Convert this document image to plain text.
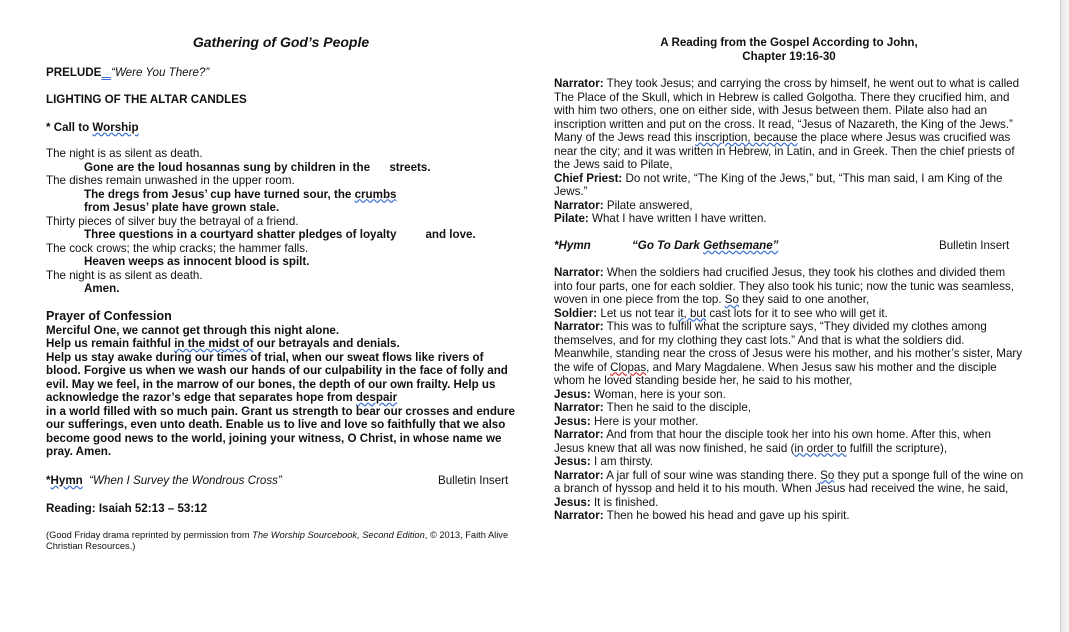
Gathering of God’s People
PRELUDE “Were You There?”
LIGHTING OF THE ALTAR CANDLES
* Call to Worship
The night is as silent as death.
Gone are the loud hosannas sung by children in the      streets.
The dishes remain unwashed in the upper room.
The dregs from Jesus’ cup have turned sour, the crumbs
from Jesus’ plate have grown stale.
Thirty pieces of silver buy the betrayal of a friend.
Three questions in a courtyard shatter pledges of loyalty         and love.
The cock crows; the whip cracks; the hammer falls.
Heaven weeps as innocent blood is spilt.
The night is as silent as death.
Amen.
Prayer of Confession
Merciful One, we cannot get through this night alone.
Help us remain faithful in the midst of our betrayals and denials.
Help us stay awake during our times of trial, when our sweat flows like rivers of blood. Forgive us when we wash our hands of our culpability in the face of folly and evil. May we feel, in the marrow of our bones, the depth of our own frailty. Help us acknowledge the razor’s edge that separates hope from despair
in a world filled with so much pain. Grant us strength to bear our crosses and endure our sufferings, even unto death. Enable us to live and love so faithfully that we also become good news to the world, joining your witness, O Christ, in whose name we pray. Amen.
*Hymn  “When I Survey the Wondrous Cross”	Bulletin Insert
Reading: Isaiah 52:13 – 53:12
(Good Friday drama reprinted by permission from The Worship Sourcebook, Second Edition, © 2013, Faith Alive Christian Resources.)
A Reading from the Gospel According to John,
Chapter 19:16-30
Narrator: They took Jesus; and carrying the cross by himself, he went out to what is called The Place of the Skull, which in Hebrew is called Golgotha. There they crucified him, and with him two others, one on either side, with Jesus between them. Pilate also had an inscription written and put on the cross. It read, “Jesus of Nazareth, the King of the Jews.” Many of the Jews read this inscription, because the place where Jesus was crucified was near the city; and it was written in Hebrew, in Latin, and in Greek. Then the chief priests of the Jews said to Pilate,
Chief Priest: Do not write, “The King of the Jews,” but, “This man said, I am King of the Jews.”
Narrator: Pilate answered,
Pilate: What I have written I have written.
*Hymn	“Go To Dark Gethsemane”	Bulletin Insert
Narrator: When the soldiers had crucified Jesus, they took his clothes and divided them into four parts, one for each soldier. They also took his tunic; now the tunic was seamless, woven in one piece from the top. So they said to one another,
Soldier: Let us not tear it, but cast lots for it to see who will get it.
Narrator: This was to fulfill what the scripture says, “They divided my clothes among themselves, and for my clothing they cast lots.” And that is what the soldiers did. Meanwhile, standing near the cross of Jesus were his mother, and his mother’s sister, Mary the wife of Clopas, and Mary Magdalene. When Jesus saw his mother and the disciple whom he loved standing beside her, he said to his mother,
Jesus: Woman, here is your son.
Narrator: Then he said to the disciple,
Jesus: Here is your mother.
Narrator: And from that hour the disciple took her into his own home. After this, when Jesus knew that all was now finished, he said (in order to fulfill the scripture),
Jesus: I am thirsty.
Narrator: A jar full of sour wine was standing there. So they put a sponge full of the wine on a branch of hyssop and held it to his mouth. When Jesus had received the wine, he said,
Jesus: It is finished.
Narrator: Then he bowed his head and gave up his spirit.
